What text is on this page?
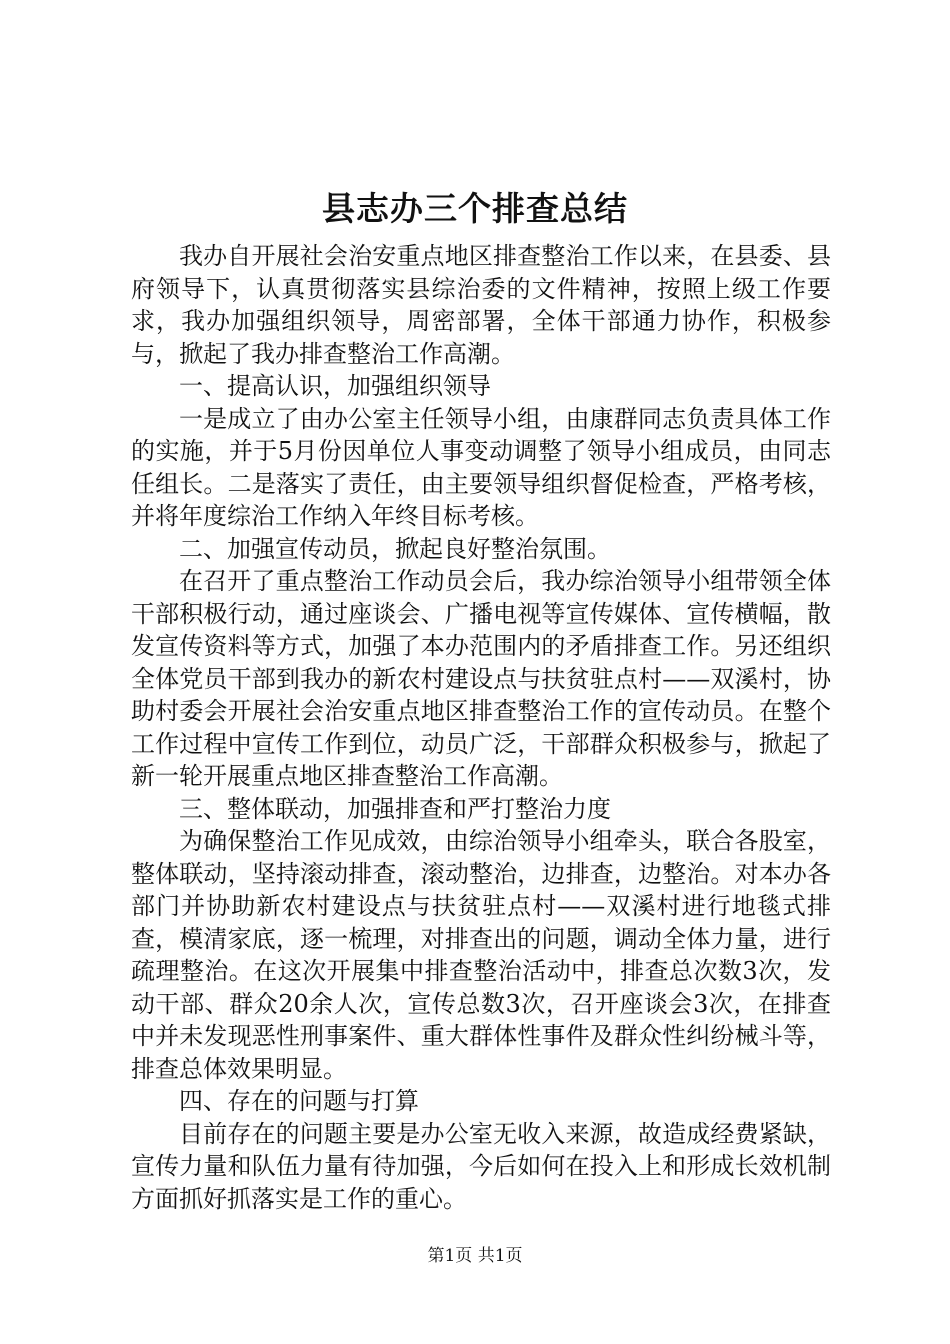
县志办三个排查总结

我办自开展社会治安重点地区排查整治工作以来，在县委、县府领导下，认真贯彻落实县综治委的文件精神，按照上级工作要求，我办加强组织领导，周密部署，全体干部通力协作，积极参与，掀起了我办排查整治工作高潮。

一、提高认识，加强组织领导

一是成立了由办公室主任领导小组，由康群同志负责具体工作的实施，并于5月份因单位人事变动调整了领导小组成员，由同志任组长。二是落实了责任，由主要领导组织督促检查，严格考核，并将年度综治工作纳入年终目标考核。

二、加强宣传动员，掀起良好整治氛围。

在召开了重点整治工作动员会后，我办综治领导小组带领全体干部积极行动，通过座谈会、广播电视等宣传媒体、宣传横幅，散发宣传资料等方式，加强了本办范围内的矛盾排查工作。另还组织全体党员干部到我办的新农村建设点与扶贫驻点村——双溪村，协助村委会开展社会治安重点地区排查整治工作的宣传动员。在整个工作过程中宣传工作到位，动员广泛，干部群众积极参与，掀起了新一轮开展重点地区排查整治工作高潮。

三、整体联动，加强排查和严打整治力度

为确保整治工作见成效，由综治领导小组牵头，联合各股室，整体联动，坚持滚动排查，滚动整治，边排查，边整治。对本办各部门并协助新农村建设点与扶贫驻点村——双溪村进行地毯式排查，模清家底，逐一梳理，对排查出的问题，调动全体力量，进行疏理整治。在这次开展集中排查整治活动中，排查总次数3次，发动干部、群众20余人次，宣传总数3次，召开座谈会3次，在排查中并未发现恶性刑事案件、重大群体性事件及群众性纠纷械斗等，排查总体效果明显。

四、存在的问题与打算

目前存在的问题主要是办公室无收入来源，故造成经费紧缺，宣传力量和队伍力量有待加强，今后如何在投入上和形成长效机制方面抓好抓落实是工作的重心。

第1页 共1页
